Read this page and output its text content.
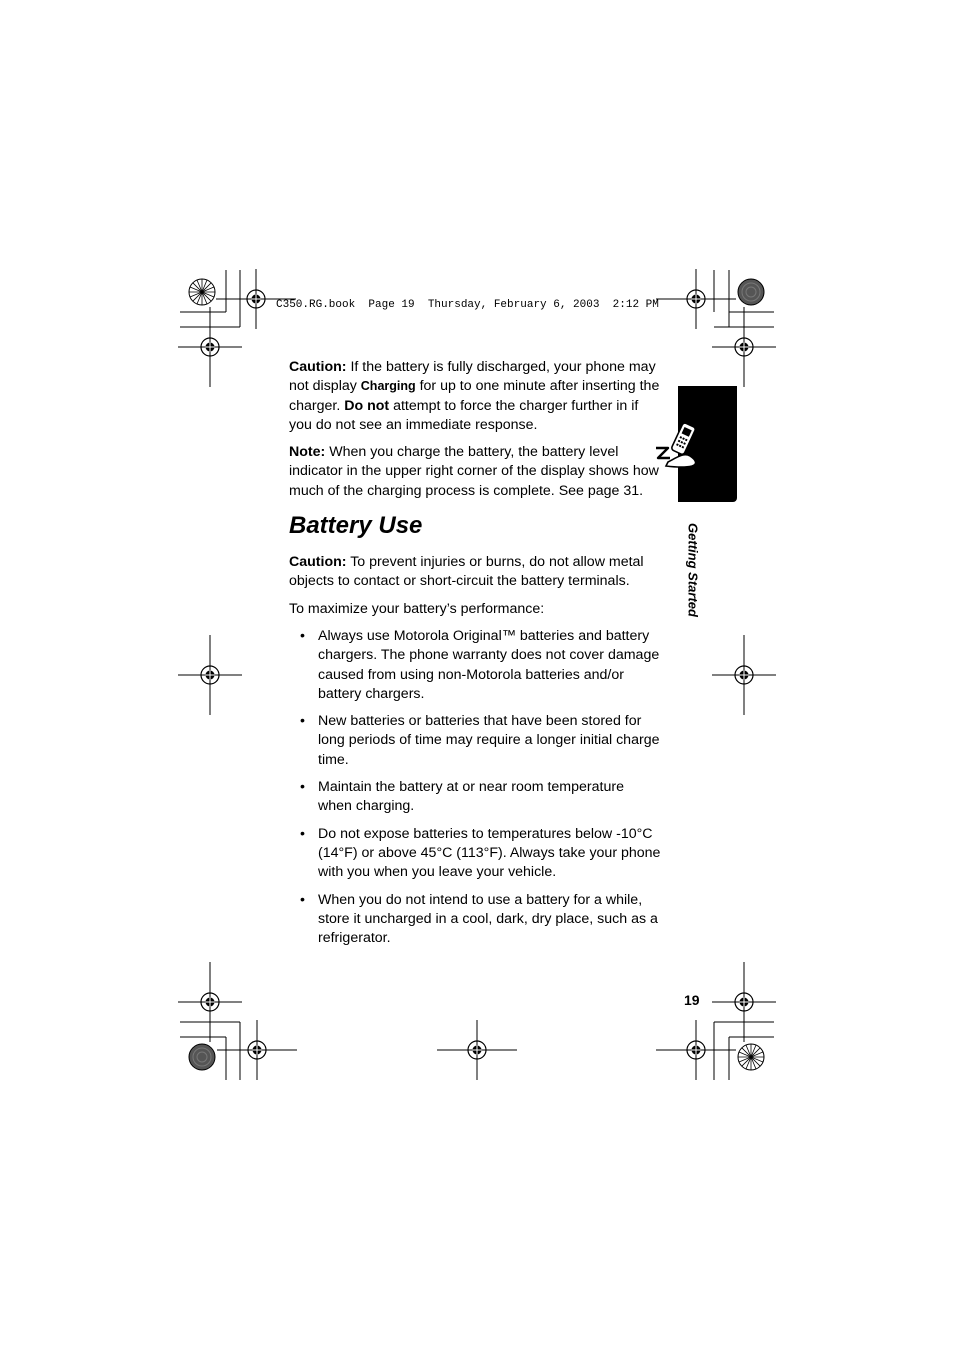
C350.RG.book  Page 19  Thursday, February 6, 2003  2:12 PM
Getting Started

Caution: If the battery is fully discharged, your phone may not display Charging for up to one minute after inserting the charger. Do not attempt to force the charger further in if you do not see an immediate response.

Note: When you charge the battery, the battery level indicator in the upper right corner of the display shows how much of the charging process is complete. See page 31.

Battery Use

Caution: To prevent injuries or burns, do not allow metal objects to contact or short-circuit the battery terminals.

To maximize your battery’s performance:

• Always use Motorola Original™ batteries and battery chargers. The phone warranty does not cover damage caused from using non-Motorola batteries and/or battery chargers.
• New batteries or batteries that have been stored for long periods of time may require a longer initial charge time.
• Maintain the battery at or near room temperature when charging.
• Do not expose batteries to temperatures below -10°C (14°F) or above 45°C (113°F). Always take your phone with you when you leave your vehicle.
• When you do not intend to use a battery for a while, store it uncharged in a cool, dark, dry place, such as a refrigerator.
19
